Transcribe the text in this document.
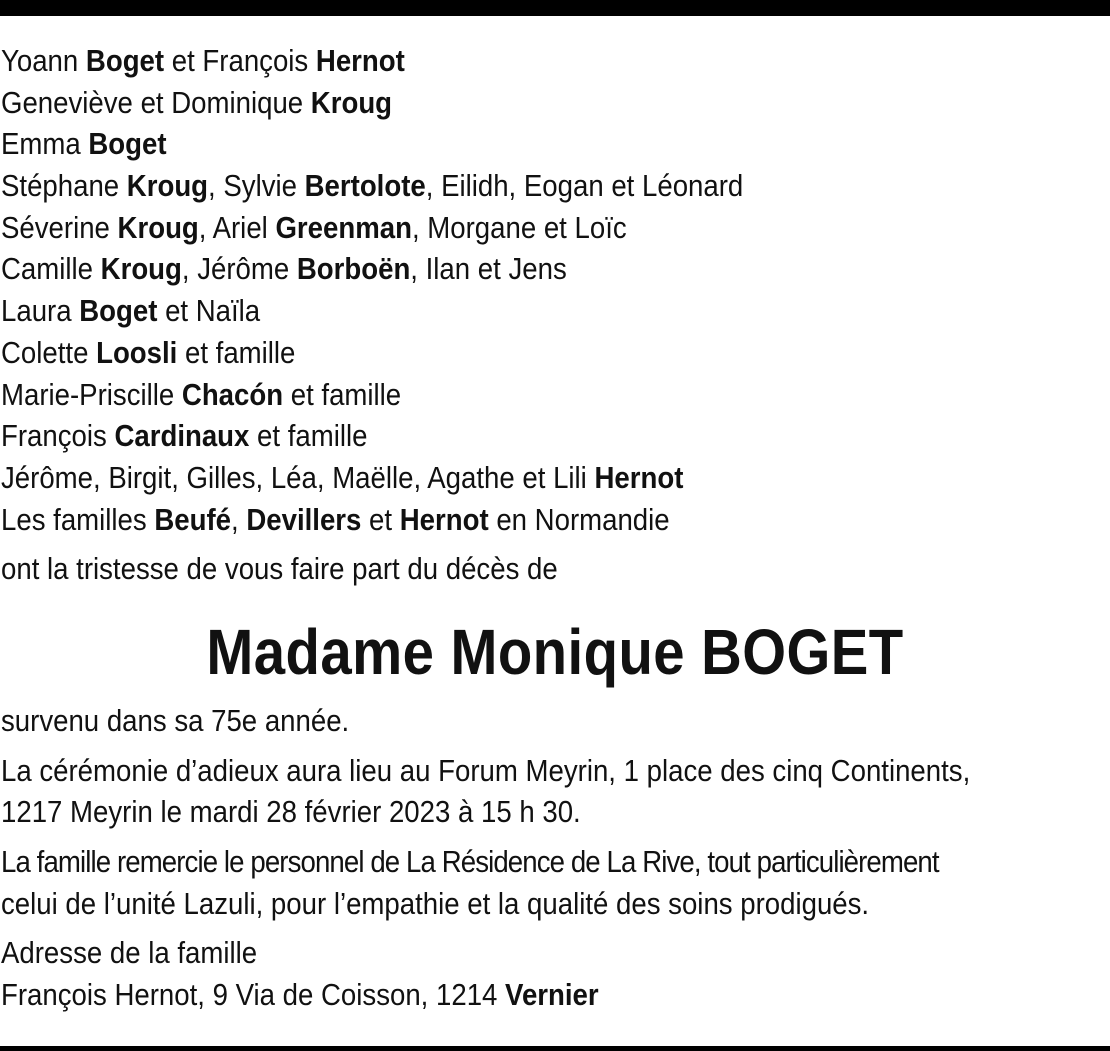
Yoann Boget et François Hernot
Geneviève et Dominique Kroug
Emma Boget
Stéphane Kroug, Sylvie Bertolote, Eilidh, Eogan et Léonard
Séverine Kroug, Ariel Greenman, Morgane et Loïc
Camille Kroug, Jérôme Borboën, Ilan et Jens
Laura Boget et Naïla
Colette Loosli et famille
Marie-Priscille Chacón et famille
François Cardinaux et famille
Jérôme, Birgit, Gilles, Léa, Maëlle, Agathe et Lili Hernot
Les familles Beufé, Devillers et Hernot en Normandie
ont la tristesse de vous faire part du décès de
Madame Monique BOGET
survenu dans sa 75e année.
La cérémonie d’adieux aura lieu au Forum Meyrin, 1 place des cinq Continents,
1217 Meyrin le mardi 28 février 2023 à 15 h 30.
La famille remercie le personnel de La Résidence de La Rive, tout particulièrement
celui de l’unité Lazuli, pour l’empathie et la qualité des soins prodigués.
Adresse de la famille
François Hernot, 9 Via de Coisson, 1214 Vernier
